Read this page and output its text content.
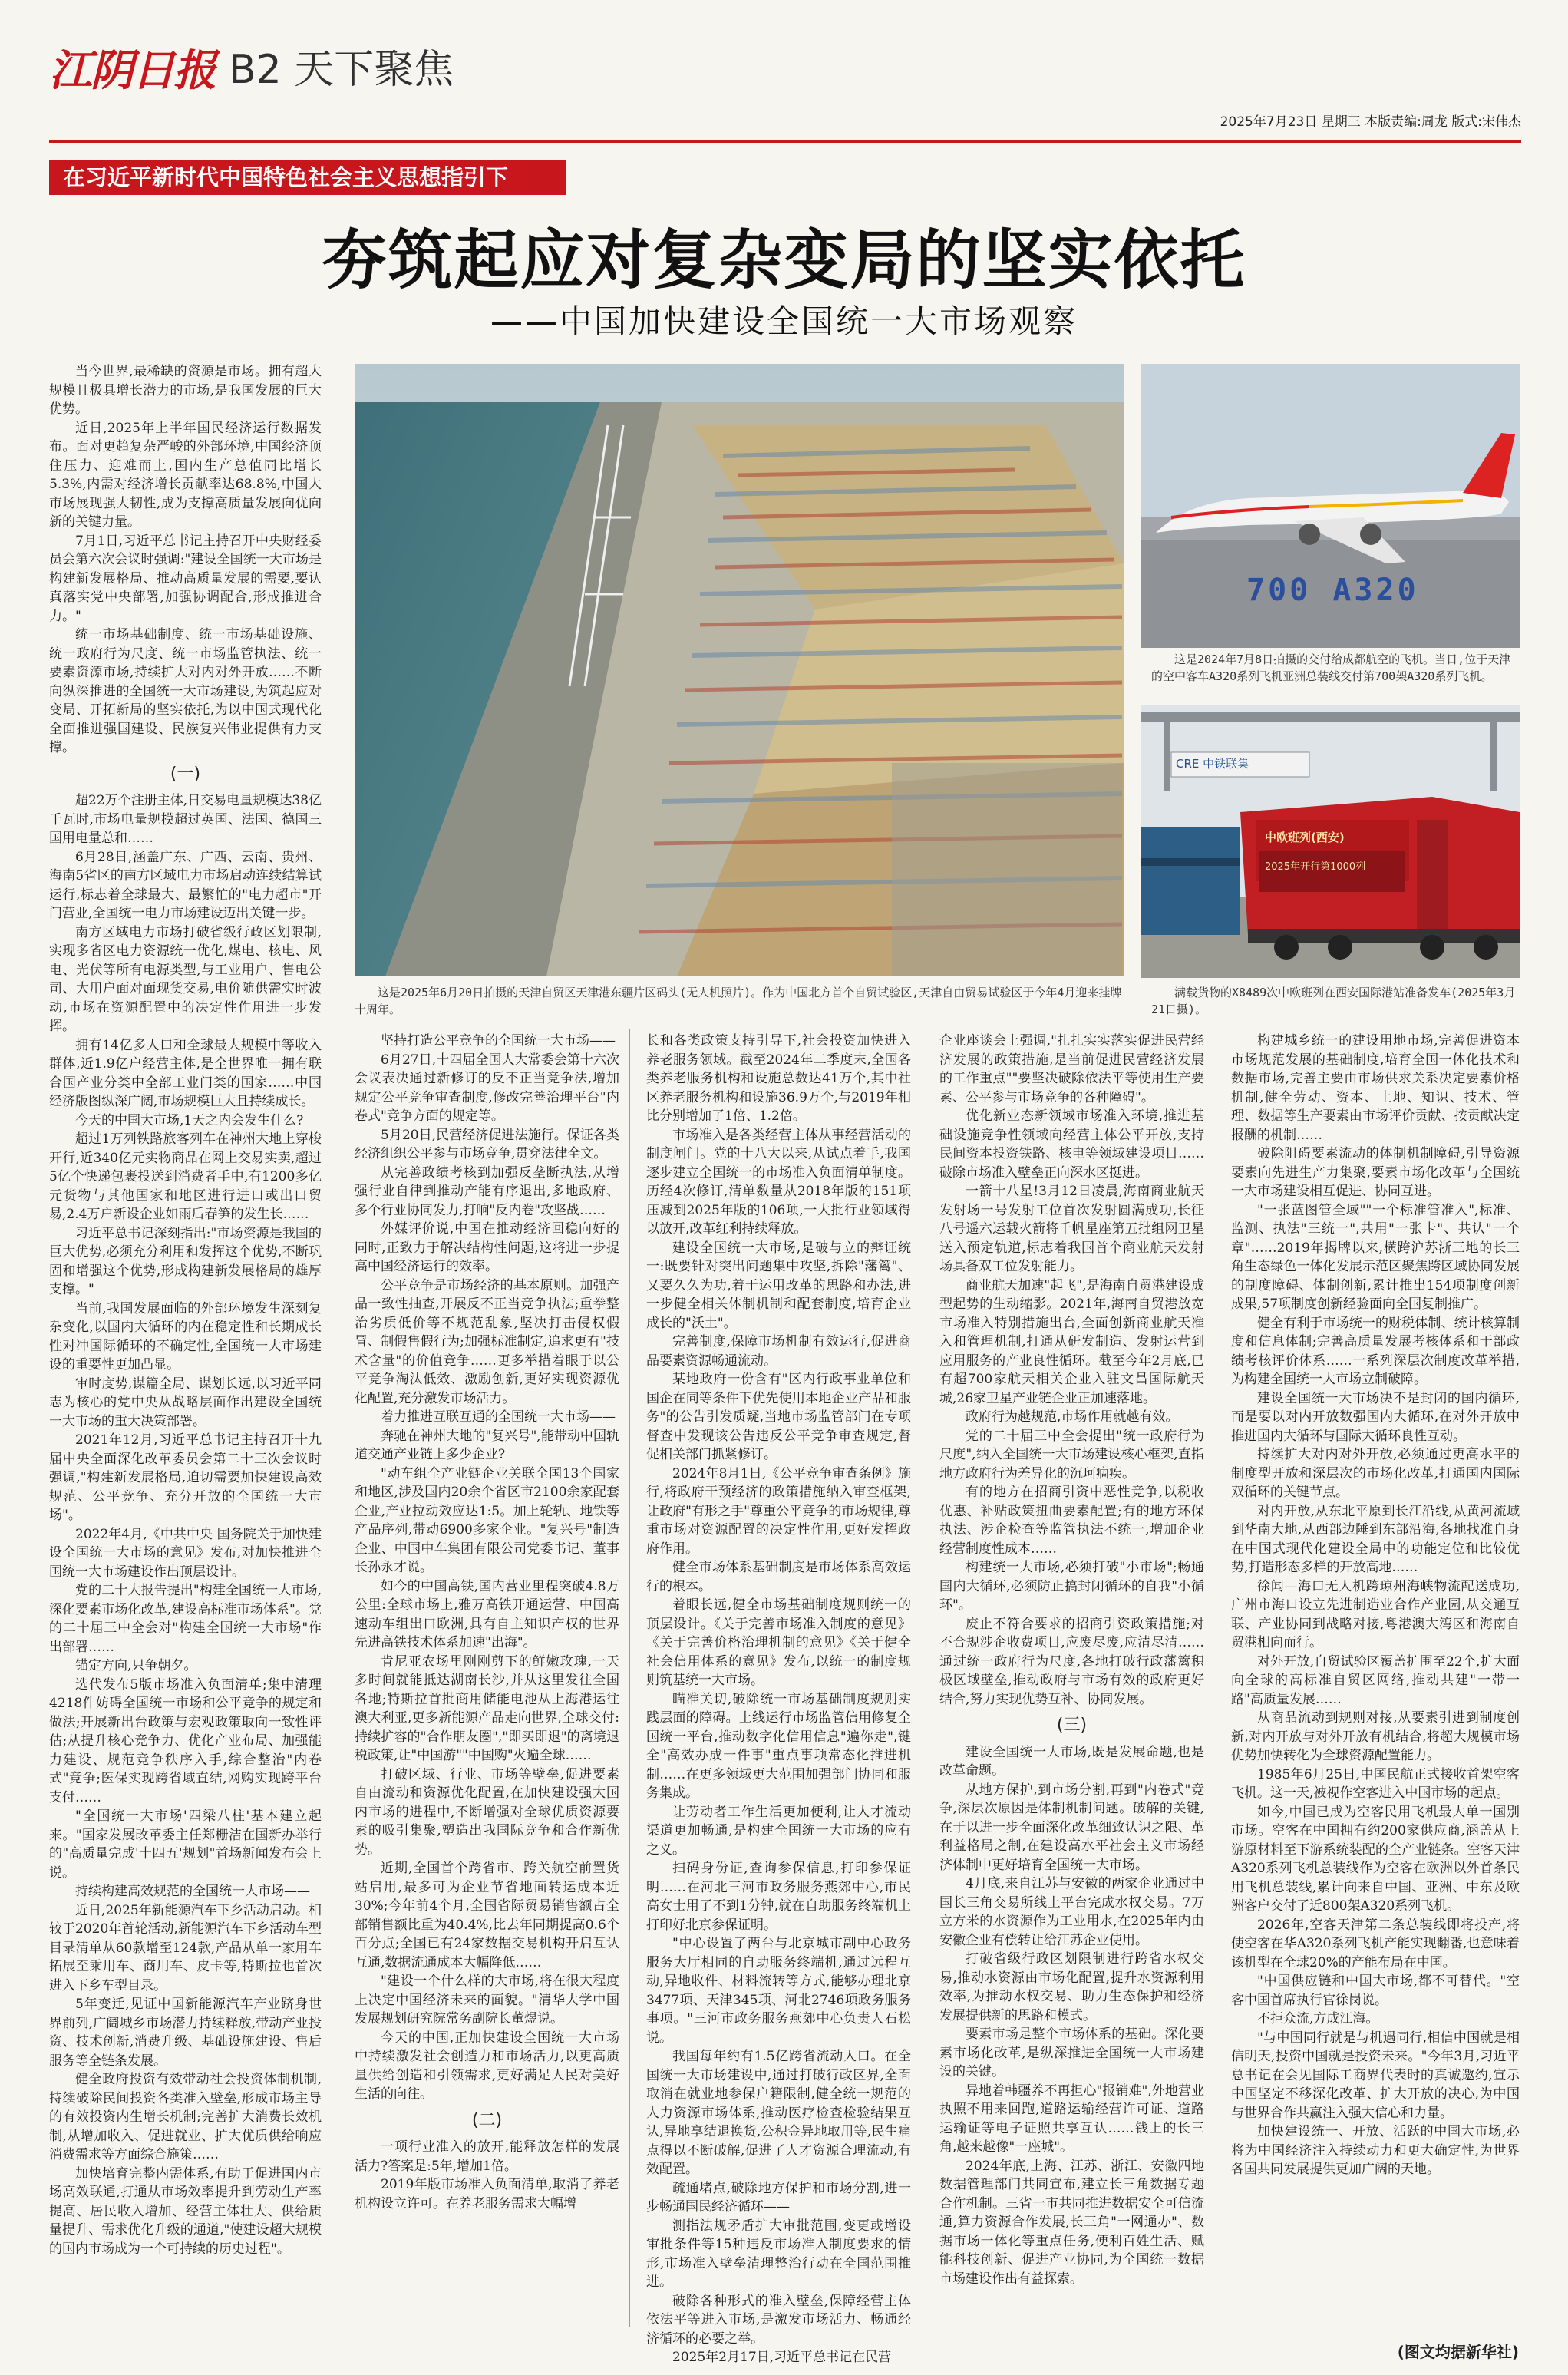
江阴日报 B2 天下聚焦
2025年7月23日 星期三 本版责编:周龙 版式:宋伟杰
在习近平新时代中国特色社会主义思想指引下
夯筑起应对复杂变局的坚实依托
——中国加快建设全国统一大市场观察

当今世界,最稀缺的资源是市场。拥有超大规模且极具增长潜力的市场,是我国发展的巨大优势。

近日,2025年上半年国民经济运行数据发布。面对更趋复杂严峻的外部环境,中国经济顶住压力、迎难而上,国内生产总值同比增长5.3%,内需对经济增长贡献率达68.8%,中国大市场展现强大韧性,成为支撑高质量发展向优向新的关键力量。

7月1日,习近平总书记主持召开中央财经委员会第六次会议时强调:"建设全国统一大市场是构建新发展格局、推动高质量发展的需要,要认真落实党中央部署,加强协调配合,形成推进合力。"

统一市场基础制度、统一市场基础设施、统一政府行为尺度、统一市场监管执法、统一要素资源市场,持续扩大对内对外开放……不断向纵深推进的全国统一大市场建设,为筑起应对变局、开拓新局的坚实依托,为以中国式现代化全面推进强国建设、民族复兴伟业提供有力支撑。

(一)

超22万个注册主体,日交易电量规模达38亿千瓦时,市场电量规模超过英国、法国、德国三国用电量总和……

6月28日,涵盖广东、广西、云南、贵州、海南5省区的南方区域电力市场启动连续结算试运行,标志着全球最大、最繁忙的"电力超市"开门营业,全国统一电力市场建设迈出关键一步。

南方区域电力市场打破省级行政区划限制,实现多省区电力资源统一优化,煤电、核电、风电、光伏等所有电源类型,与工业用户、售电公司、大用户面对面现货交易,电价随供需实时波动,市场在资源配置中的决定性作用进一步发挥。

拥有14亿多人口和全球最大规模中等收入群体,近1.9亿户经营主体,是全世界唯一拥有联合国产业分类中全部工业门类的国家……中国经济版图纵深广阔,市场规模巨大且持续成长。

今天的中国大市场,1天之内会发生什么?

超过1万列铁路旅客列车在神州大地上穿梭开行,近340亿元实物商品在网上交易实卖,超过5亿个快递包裹投送到消费者手中,有1200多亿元货物与其他国家和地区进行进口或出口贸易,2.4万户新设企业如雨后春笋的发生长……

习近平总书记深刻指出:"市场资源是我国的巨大优势,必须充分利用和发挥这个优势,不断巩固和增强这个优势,形成构建新发展格局的雄厚支撑。"

当前,我国发展面临的外部环境发生深刻复杂变化,以国内大循环的内在稳定性和长期成长性对冲国际循环的不确定性,全国统一大市场建设的重要性更加凸显。

审时度势,谋篇全局、谋划长远,以习近平同志为核心的党中央从战略层面作出建设全国统一大市场的重大决策部署。

2021年12月,习近平总书记主持召开十九届中央全面深化改革委员会第二十三次会议时强调,"构建新发展格局,迫切需要加快建设高效规范、公平竞争、充分开放的全国统一大市场"。

2022年4月,《中共中央 国务院关于加快建设全国统一大市场的意见》发布,对加快推进全国统一大市场建设作出顶层设计。

党的二十大报告提出"构建全国统一大市场,深化要素市场化改革,建设高标准市场体系"。党的二十届三中全会对"构建全国统一大市场"作出部署……

锚定方向,只争朝夕。

选代发布5版市场准入负面清单;集中清理4218件妨碍全国统一市场和公平竞争的规定和做法;开展新出台政策与宏观政策取向一致性评估;从提升核心竞争力、优化产业布局、加强能力建设、规范竞争秩序入手,综合整治"内卷式"竞争;医保实现跨省域直结,网购实现跨平台支付……

"全国统一大市场'四梁八柱'基本建立起来。"国家发展改革委主任郑栅洁在国新办举行的"高质量完成'十四五'规划"首场新闻发布会上说。

持续构建高效规范的全国统一大市场——

近日,2025年新能源汽车下乡活动启动。相较于2020年首轮活动,新能源汽车下乡活动车型目录清单从60款增至124款,产品从单一家用车拓展至乘用车、商用车、皮卡等,特斯拉也首次进入下乡车型目录。

5年变迁,见证中国新能源汽车产业跻身世界前列,广阔城乡市场潜力持续释放,带动产业投资、技术创新,消费升级、基础设施建设、售后服务等全链条发展。

健全政府投资有效带动社会投资体制机制,持续破除民间投资各类准入壁垒,形成市场主导的有效投资内生增长机制;完善扩大消费长效机制,从增加收入、促进就业、扩大优质供给响应消费需求等方面综合施策……

加快培育完整内需体系,有助于促进国内市场高效联通,打通从市场效率提升到劳动生产率提高、居民收入增加、经营主体壮大、供给质量提升、需求优化升级的通道,"使建设超大规模的国内市场成为一个可持续的历史过程"。

700 A320
这是2024年7月8日拍摄的交付给成都航空的飞机。当日,位于天津的空中客车A320系列飞机亚洲总装线交付第700架A320系列飞机。
CRE 中铁联集
中欧班列(西安)
2025年开行第1000列
这是2025年6月20日拍摄的天津自贸区天津港东疆片区码头(无人机照片)。作为中国北方首个自贸试验区,天津自由贸易试验区于今年4月迎来挂牌十周年。
满载货物的X8489次中欧班列在西安国际港站准备发车(2025年3月21日摄)。

坚持打造公平竞争的全国统一大市场——

6月27日,十四届全国人大常委会第十六次会议表决通过新修订的反不正当竞争法,增加规定公平竞争审查制度,修改完善治理平台"内卷式"竞争方面的规定等。

5月20日,民营经济促进法施行。保证各类经济组织公平参与市场竞争,贯穿法律全文。

从完善政绩考核到加强反垄断执法,从增强行业自律到推动产能有序退出,多地政府、多个行业协同发力,打响"反内卷"攻坚战……

外媒评价说,中国在推动经济回稳向好的同时,正致力于解决结构性问题,这将进一步提高中国经济运行的效率。

公平竞争是市场经济的基本原则。加强产品一致性抽查,开展反不正当竞争执法;重拳整治劣质低价等不规范乱象,坚决打击侵权假冒、制假售假行为;加强标准制定,追求更有"技术含量"的价值竞争……更多举措着眼于以公平竞争淘汰低效、激励创新,更好实现资源优化配置,充分激发市场活力。

着力推进互联互通的全国统一大市场——

奔驰在神州大地的"复兴号",能带动中国轨道交通产业链上多少企业?

"动车组全产业链企业关联全国13个国家和地区,涉及国内20余个省区市2100余家配套企业,产业拉动效应达1:5。加上轮轨、地铁等产品序列,带动6900多家企业。"复兴号"制造企业、中国中车集团有限公司党委书记、董事长孙永才说。

如今的中国高铁,国内营业里程突破4.8万公里:全球市场上,雅万高铁开通运营、中国高速动车组出口欧洲,具有自主知识产权的世界先进高铁技术体系加速"出海"。

肯尼亚农场里刚刚剪下的鲜嫩玫瑰,一天多时间就能抵达湖南长沙,并从这里发往全国各地;特斯拉首批商用储能电池从上海港运往澳大利亚,更多新能源产品走向世界,全球交付:持续扩容的"合作朋友圈","即买即退"的离境退税政策,让"中国游""中国购"火遍全球……

打破区域、行业、市场等壁垒,促进要素自由流动和资源优化配置,在加快建设强大国内市场的进程中,不断增强对全球优质资源要素的吸引集聚,塑造出我国际竞争和合作新优势。

近期,全国首个跨省市、跨关航空前置货站启用,最多可为企业节省地面转运成本近30%;今年前4个月,全国省际贸易销售额占全部销售额比重为40.4%,比去年同期提高0.6个百分点;全国已有24家数据交易机构开启互认互通,数据流通成本大幅降低……

"建设一个什么样的大市场,将在很大程度上决定中国经济未来的面貌。"清华大学中国发展规划研究院常务副院长董煜说。

今天的中国,正加快建设全国统一大市场中持续激发社会创造力和市场活力,以更高质量供给创造和引领需求,更好满足人民对美好生活的向往。

(二)

一项行业准入的放开,能释放怎样的发展活力?答案是:5年,增加1倍。

2019年版市场准入负面清单,取消了养老机构设立许可。在养老服务需求大幅增

长和各类政策支持引导下,社会投资加快进入养老服务领域。截至2024年二季度末,全国各类养老服务机构和设施总数达41万个,其中社区养老服务机构和设施36.9万个,与2019年相比分别增加了1倍、1.2倍。

市场准入是各类经营主体从事经营活动的制度闸门。党的十八大以来,从试点着手,我国逐步建立全国统一的市场准入负面清单制度。历经4次修订,清单数量从2018年版的151项压减到2025年版的106项,一大批行业领域得以放开,改革红利持续释放。

建设全国统一大市场,是破与立的辩证统一:既要针对突出问题集中攻坚,拆除"藩篱"、又要久久为功,着于运用改革的思路和办法,进一步健全相关体制机制和配套制度,培育企业成长的"沃土"。

完善制度,保障市场机制有效运行,促进商品要素资源畅通流动。

某地政府一份含有"区内行政事业单位和国企在同等条件下优先使用本地企业产品和服务"的公告引发质疑,当地市场监管部门在专项督查中发现该公告违反公平竞争审查规定,督促相关部门抓紧修订。

2024年8月1日,《公平竞争审查条例》施行,将政府干预经济的政策措施纳入审查框架,让政府"有形之手"尊重公平竞争的市场规律,尊重市场对资源配置的决定性作用,更好发挥政府作用。

健全市场体系基础制度是市场体系高效运行的根本。

着眼长远,健全市场基础制度规则统一的顶层设计。《关于完善市场准入制度的意见》《关于完善价格治理机制的意见》《关于健全社会信用体系的意见》发布,以统一的制度规则筑基统一大市场。

瞄准关切,破除统一市场基础制度规则实践层面的障碍。上线运行市场监管信用修复全国统一平台,推动数字化信用信息"遍你走",键全"高效办成一件事"重点事项常态化推进机制……在更多领域更大范围加强部门协同和服务集成。

让劳动者工作生活更加便利,让人才流动渠道更加畅通,是构建全国统一大市场的应有之义。

扫码身份证,查询参保信息,打印参保证明……在河北三河市政务服务燕郊中心,市民高女士用了不到1分钟,就在自助服务终端机上打印好北京参保证明。

"中心设置了两台与北京城市副中心政务服务大厅相同的自助服务终端机,通过远程互动,异地收件、材料流转等方式,能够办理北京3477项、天津345项、河北2746项政务服务事项。"三河市政务服务燕郊中心负责人石松说。

我国每年约有1.5亿跨省流动人口。在全国统一大市场建设中,通过打破行政区界,全面取消在就业地参保户籍限制,健全统一规范的人力资源市场体系,推动医疗检查检验结果互认,异地享结退换货,公积金异地取用等,民生痛点得以不断破解,促进了人才资源合理流动,有效配置。

疏通堵点,破除地方保护和市场分割,进一步畅通国民经济循环——

测指法规矛盾扩大审批范围,变更或增设审批条件等15种违反市场准入制度要求的情形,市场准入壁垒清理整治行动在全国范围推进。

破除各种形式的准入壁垒,保障经营主体依法平等进入市场,是激发市场活力、畅通经济循环的必要之举。

2025年2月17日,习近平总书记在民营

企业座谈会上强调,"扎扎实实落实促进民营经济发展的政策措施,是当前促进民营经济发展的工作重点""要坚决破除依法平等使用生产要素、公平参与市场竞争的各种障碍"。

优化新业态新领域市场准入环境,推进基础设施竞争性领域向经营主体公平开放,支持民间资本投资铁路、核电等领域建设项目……破除市场准入壁垒正向深水区挺进。

一箭十八星!3月12日凌晨,海南商业航天发射场一号发射工位首次发射圆满成功,长征八号遥六运载火箭将千帆星座第五批组网卫星送入预定轨道,标志着我国首个商业航天发射场具备双工位发射能力。

商业航天加速"起飞",是海南自贸港建设成型起势的生动缩影。2021年,海南自贸港放宽市场准入特别措施出台,全面创新商业航天准入和管理机制,打通从研发制造、发射运营到应用服务的产业良性循环。截至今年2月底,已有超700家航天相关企业入驻文昌国际航天城,26家卫星产业链企业正加速落地。

政府行为越规范,市场作用就越有效。

党的二十届三中全会提出"统一政府行为尺度",纳入全国统一大市场建设核心框架,直指地方政府行为差异化的沉珂痼疾。

有的地方在招商引资中恶性竞争,以税收优惠、补贴政策扭曲要素配置;有的地方环保执法、涉企检查等监管执法不统一,增加企业经营制度性成本……

构建统一大市场,必须打破"小市场";畅通国内大循环,必须防止搞封闭循环的自我"小循环"。

废止不符合要求的招商引资政策措施;对不合规涉企收费项目,应废尽废,应清尽清……通过统一政府行为尺度,各地打破行政藩篱积极区域壁垒,推动政府与市场有效的政府更好结合,努力实现优势互补、协同发展。

(三)

建设全国统一大市场,既是发展命题,也是改革命题。

从地方保护,到市场分割,再到"内卷式"竞争,深层次原因是体制机制问题。破解的关键,在于以进一步全面深化改革细致认识之限、革利益格局之制,在建设高水平社会主义市场经济体制中更好培育全国统一大市场。

4月底,来自江苏与安徽的两家企业通过中国长三角交易所线上平台完成水权交易。7万立方米的水资源作为工业用水,在2025年内由安徽企业有偿转让给江苏企业使用。

打破省级行政区划限制进行跨省水权交易,推动水资源由市场化配置,提升水资源利用效率,为推动水权交易、助力生态保护和经济发展提供新的思路和模式。

要素市场是整个市场体系的基础。深化要素市场化改革,是纵深推进全国统一大市场建设的关键。

异地着韩疆养不再担心"报销难",外地营业执照不用来回跑,道路运输经营许可证、道路运输证等电子证照共享互认……钱上的长三角,越来越像"一座城"。

2024年底,上海、江苏、浙江、安徽四地数据管理部门共同宣布,建立长三角数据专题合作机制。三省一市共同推进数据安全可信流通,算力资源合作发展,长三角"一网通办"、数据市场一体化等重点任务,便利百姓生活、赋能科技创新、促进产业协同,为全国统一数据市场建设作出有益探索。

构建城乡统一的建设用地市场,完善促进资本市场规范发展的基础制度,培育全国一体化技术和数据市场,完善主要由市场供求关系决定要素价格机制,健全劳动、资本、土地、知识、技术、管理、数据等生产要素由市场评价贡献、按贡献决定报酬的机制……

破除阻碍要素流动的体制机制障碍,引导资源要素向先进生产力集聚,要素市场化改革与全国统一大市场建设相互促进、协同互进。

"一张蓝图管全域""一个标准管准入",标准、监测、执法"三统一",共用"一张卡"、共认"一个章"……2019年揭牌以来,横跨沪苏浙三地的长三角生态绿色一体化发展示范区聚焦跨区域协同发展的制度障碍、体制创新,累计推出154项制度创新成果,57项制度创新经验面向全国复制推广。

健全有利于市场统一的财税体制、统计核算制度和信息体制;完善高质量发展考核体系和干部政绩考核评价体系……一系列深层次制度改革举措,为构建全国统一大市场立制破障。

建设全国统一大市场决不是封闭的国内循环,而是要以对内开放数强国内大循环,在对外开放中推进国内大循环与国际大循环良性互动。

持续扩大对内对外开放,必须通过更高水平的制度型开放和深层次的市场化改革,打通国内国际双循环的关键节点。

对内开放,从东北平原到长江沿线,从黄河流域到华南大地,从西部边陲到东部沿海,各地找准自身在中国式现代化建设全局中的功能定位和比较优势,打造形态多样的开放高地……

徐闻—海口无人机跨琼州海峡物流配送成功,广州市海口设立先进制造业合作产业园,从交通互联、产业协同到战略对接,粤港澳大湾区和海南自贸港相向而行。

对外开放,自贸试验区覆盖扩围至22个,扩大面向全球的高标准自贸区网络,推动共建"一带一路"高质量发展……

从商品流动到规则对接,从要素引进到制度创新,对内开放与对外开放有机结合,将超大规模市场优势加快转化为全球资源配置能力。

1985年6月25日,中国民航正式接收首架空客飞机。这一天,被视作空客进入中国市场的起点。

如今,中国已成为空客民用飞机最大单一国别市场。空客在中国拥有约200家供应商,涵盖从上游原材料至下游系统装配的全产业链条。空客天津A320系列飞机总装线作为空客在欧洲以外首条民用飞机总装线,累计向来自中国、亚洲、中东及欧洲客户交付了近800架A320系列飞机。

2026年,空客天津第二条总装线即将投产,将使空客在华A320系列飞机产能实现翻番,也意味着该机型在全球20%的产能布局在中国。

"中国供应链和中国大市场,都不可替代。"空客中国首席执行官徐岗说。

不拒众流,方成江海。

"与中国同行就是与机遇同行,相信中国就是相信明天,投资中国就是投资未来。"今年3月,习近平总书记在会见国际工商界代表时的真诚邀约,宣示中国坚定不移深化改革、扩大开放的决心,为中国与世界合作共赢注入强大信心和力量。

加快建设统一、开放、活跃的中国大市场,必将为中国经济注入持续动力和更大确定性,为世界各国共同发展提供更加广阔的天地。

(图文均据新华社)
